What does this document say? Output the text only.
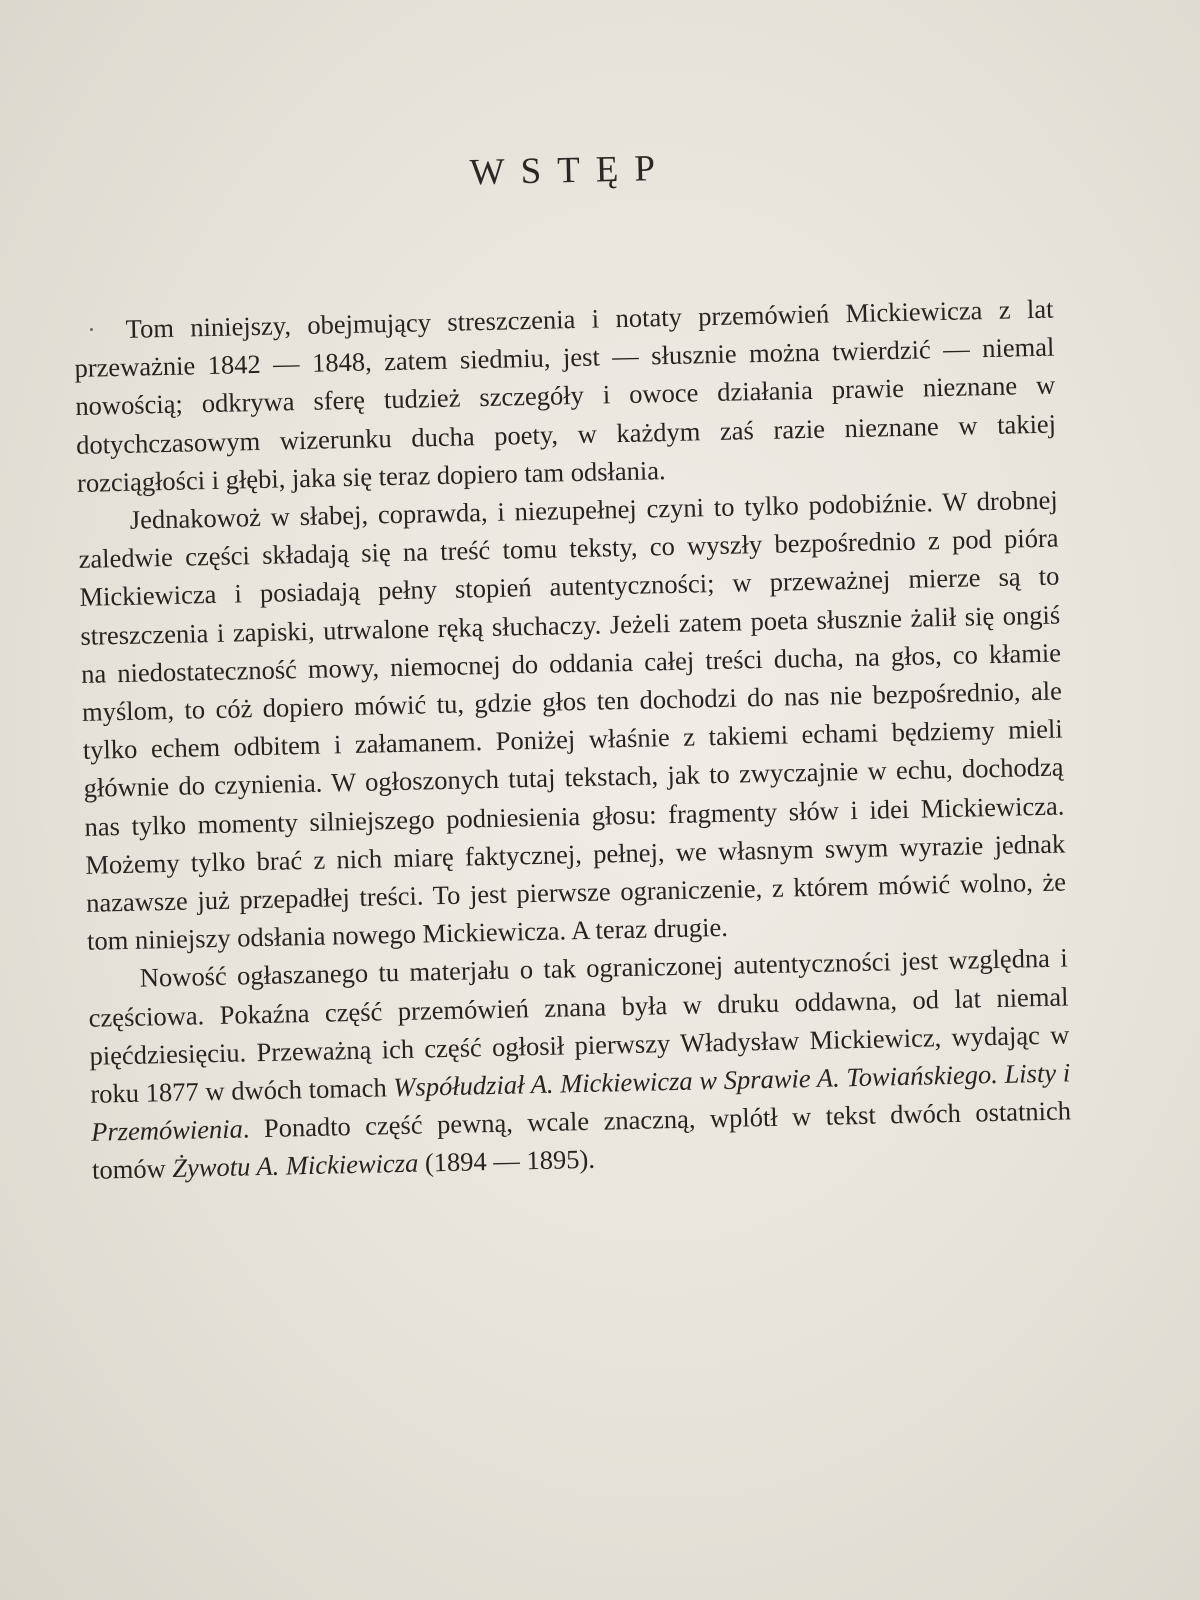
WSTĘP

Tom niniejszy, obejmujący streszczenia i notaty przemówień Mickiewicza z lat przeważnie 1842 — 1848, zatem siedmiu, jest — słusznie można twierdzić — niemal nowością; odkrywa sferę tudzież szczegóły i owoce działania prawie nieznane w dotychczasowym wizerunku ducha poety, w każdym zaś razie nieznane w takiej rozciągłości i głębi, jaka się teraz dopiero tam odsłania.

Jednakowoż w słabej, coprawda, i niezupełnej czyni to tylko podobiźnie. W drobnej zaledwie części składają się na treść tomu teksty, co wyszły bezpośrednio z pod pióra Mickiewicza i posiadają pełny stopień autentyczności; w przeważnej mierze są to streszczenia i zapiski, utrwalone ręką słuchaczy. Jeżeli zatem poeta słusznie żalił się ongiś na niedostateczność mowy, niemocnej do oddania całej treści ducha, na głos, co kłamie myślom, to cóż dopiero mówić tu, gdzie głos ten dochodzi do nas nie bezpośrednio, ale tylko echem odbitem i załamanem. Poniżej właśnie z takiemi echami będziemy mieli głównie do czynienia. W ogłoszonych tutaj tekstach, jak to zwyczajnie w echu, dochodzą nas tylko momenty silniejszego podniesienia głosu: fragmenty słów i idei Mickiewicza. Możemy tylko brać z nich miarę faktycznej, pełnej, we własnym swym wyrazie jednak nazawsze już przepadłej treści. To jest pierwsze ograniczenie, z którem mówić wolno, że tom niniejszy odsłania nowego Mickiewicza. A teraz drugie.

Nowość ogłaszanego tu materjału o tak ograniczonej autentyczności jest względna i częściowa. Pokaźna część przemówień znana była w druku oddawna, od lat niemal pięćdziesięciu. Przeważną ich część ogłosił pierwszy Władysław Mickiewicz, wydając w roku 1877 w dwóch tomach Współudział A. Mickiewicza w Sprawie A. Towiańskiego. Listy i Przemówienia. Ponadto część pewną, wcale znaczną, wplótł w tekst dwóch ostatnich tomów Żywotu A. Mickiewicza (1894 — 1895).
